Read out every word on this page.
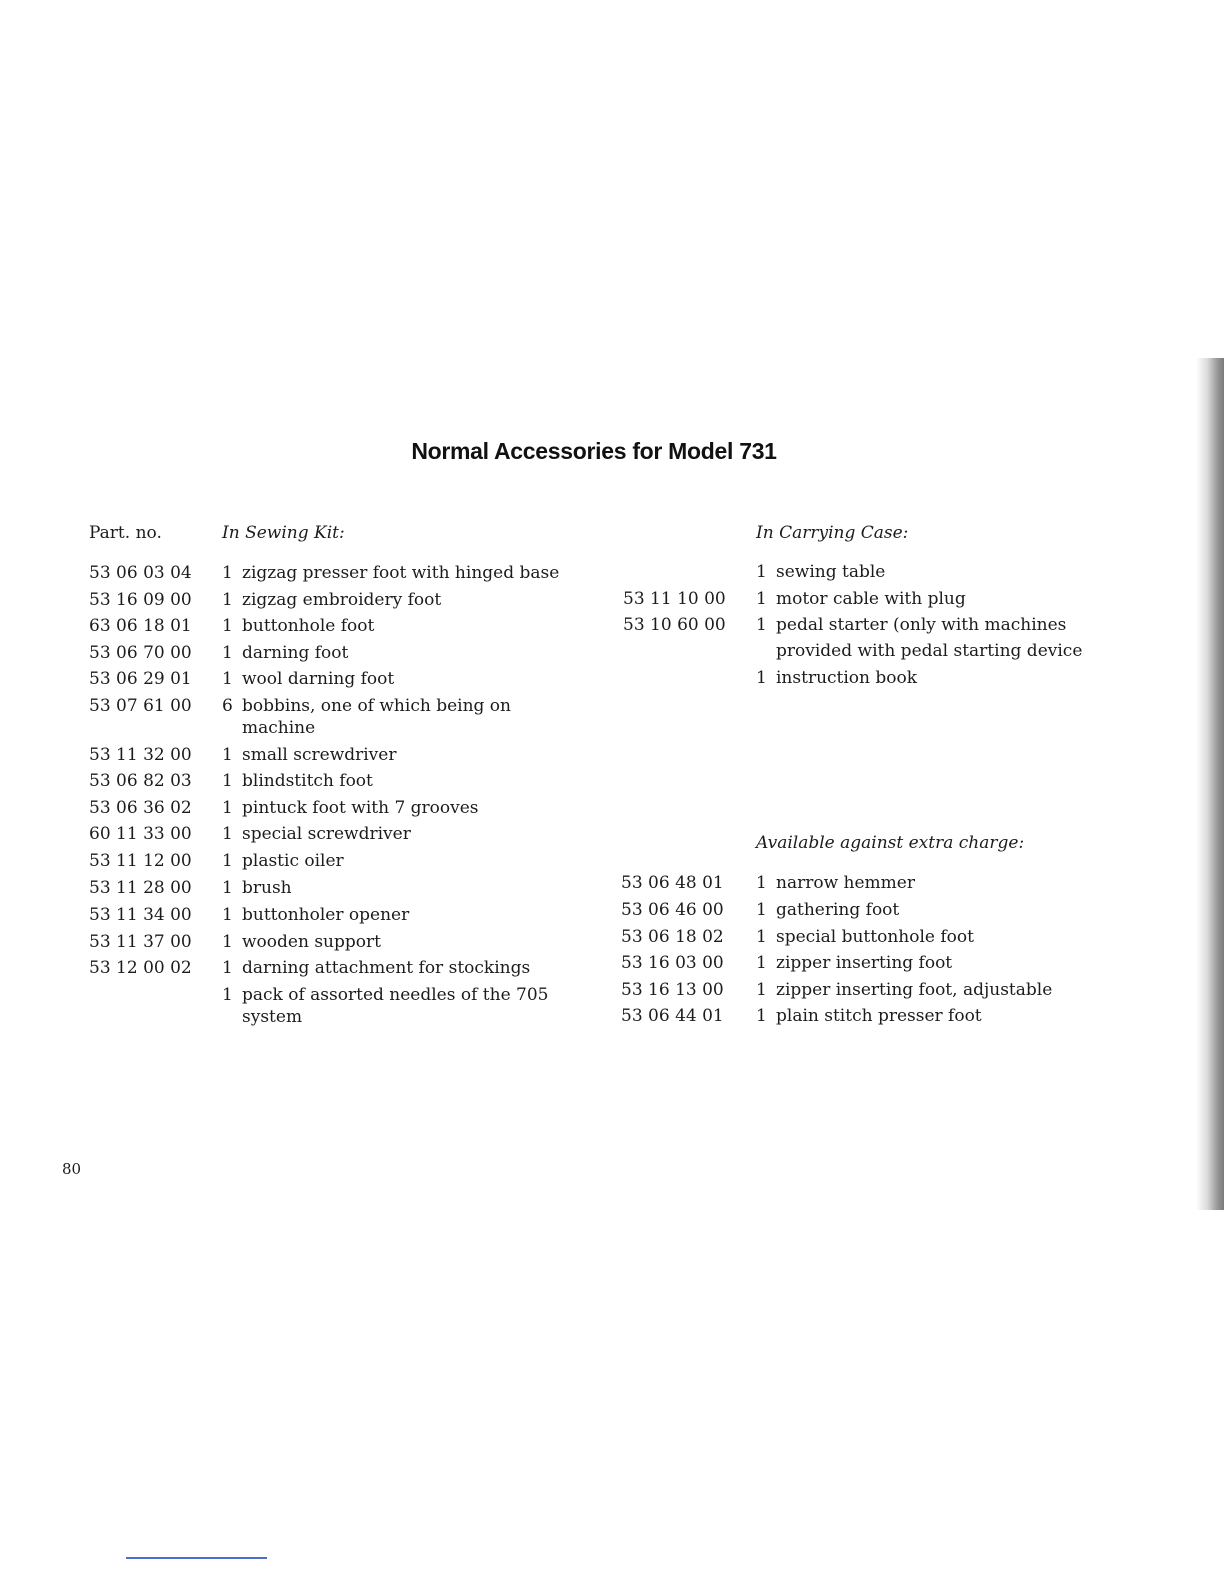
Normal Accessories for Model 731
Part. no.	In Sewing Kit:	In Carrying Case:
Available against extra charge:
53 06 03 04 1 zigzag presser foot with hinged base
53 16 09 00 1 zigzag embroidery foot
63 06 18 01 1 buttonhole foot
53 06 70 00 1 darning foot
53 06 29 01 1 wool darning foot
53 07 61 00 6 bobbins, one of which being on machine
53 11 32 00 1 small screwdriver
53 06 82 03 1 blindstitch foot
53 06 36 02 1 pintuck foot with 7 grooves
60 11 33 00 1 special screwdriver
53 11 12 00 1 plastic oiler
53 11 28 00 1 brush
53 11 34 00 1 buttonholer opener
53 11 37 00 1 wooden support
53 12 00 02 1 darning attachment for stockings
1 pack of assorted needles of the 705 system
1 sewing table
53 11 10 00 1 motor cable with plug
53 10 60 00 1 pedal starter (only with machines provided with pedal starting device
1 instruction book
53 06 48 01 1 narrow hemmer
53 06 46 00 1 gathering foot
53 06 18 02 1 special buttonhole foot
53 16 03 00 1 zipper inserting foot
53 16 13 00 1 zipper inserting foot, adjustable
53 06 44 01 1 plain stitch presser foot
80
